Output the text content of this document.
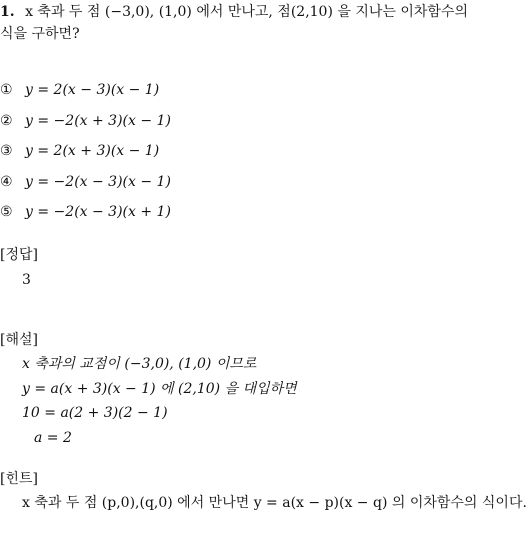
1. x 축과 두 점 (−3,0), (1,0) 에서 만나고, 점(2,10) 을 지나는 이차함수의
식을 구하면?
① y = 2(x − 3)(x − 1)
② y = −2(x + 3)(x − 1)
③ y = 2(x + 3)(x − 1)
④ y = −2(x − 3)(x − 1)
⑤ y = −2(x − 3)(x + 1)
[정답]
3
[해설]
x 축과의 교점이 (−3,0), (1,0) 이므로
y = a(x + 3)(x − 1) 에 (2,10) 을 대입하면
10 = a(2 + 3)(2 − 1)
a = 2
[힌트]
x 축과 두 점 (p,0),(q,0) 에서 만나면 y = a(x − p)(x − q) 의 이차함수의 식이다.
